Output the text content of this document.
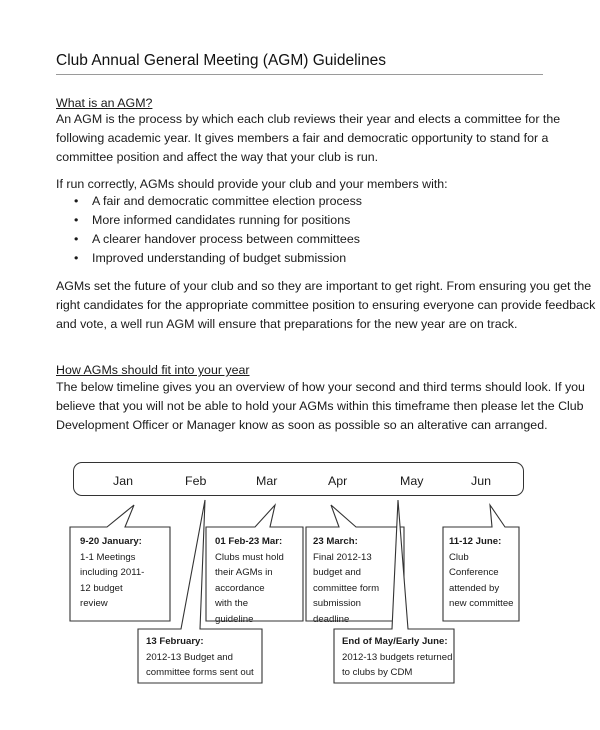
Club Annual General Meeting (AGM) Guidelines
What is an AGM?
An AGM is the process by which each club reviews their year and elects a committee for the
following academic year. It gives members a fair and democratic opportunity to stand for a
committee position and affect the way that your club is run.
If run correctly, AGMs should provide your club and your members with:
• A fair and democratic committee election process
• More informed candidates running for positions
• A clearer handover process between committees
• Improved understanding of budget submission
AGMs set the future of your club and so they are important to get right. From ensuring you get the
right candidates for the appropriate committee position to ensuring everyone can provide feedback
and vote, a well run AGM will ensure that preparations for the new year are on track.
How AGMs should fit into your year
The below timeline gives you an overview of how your second and third terms should look. If you
believe that you will not be able to hold your AGMs within this timeframe then please let the Club
Development Officer or Manager know as soon as possible so an alterative can arranged.
Jan	Feb	Mar	Apr	May	Jun
9-20 January:
1-1 Meetings
including 2011-
12 budget
review
01 Feb-23 Mar:
Clubs must hold
their AGMs in
accordance
with the
guideline
23 March:
Final 2012-13
budget and
committee form
submission
deadline
11-12 June:
Club
Conference
attended by
new committee
13 February:
2012-13 Budget and
committee forms sent out
End of May/Early June:
2012-13 budgets returned
to clubs by CDM
